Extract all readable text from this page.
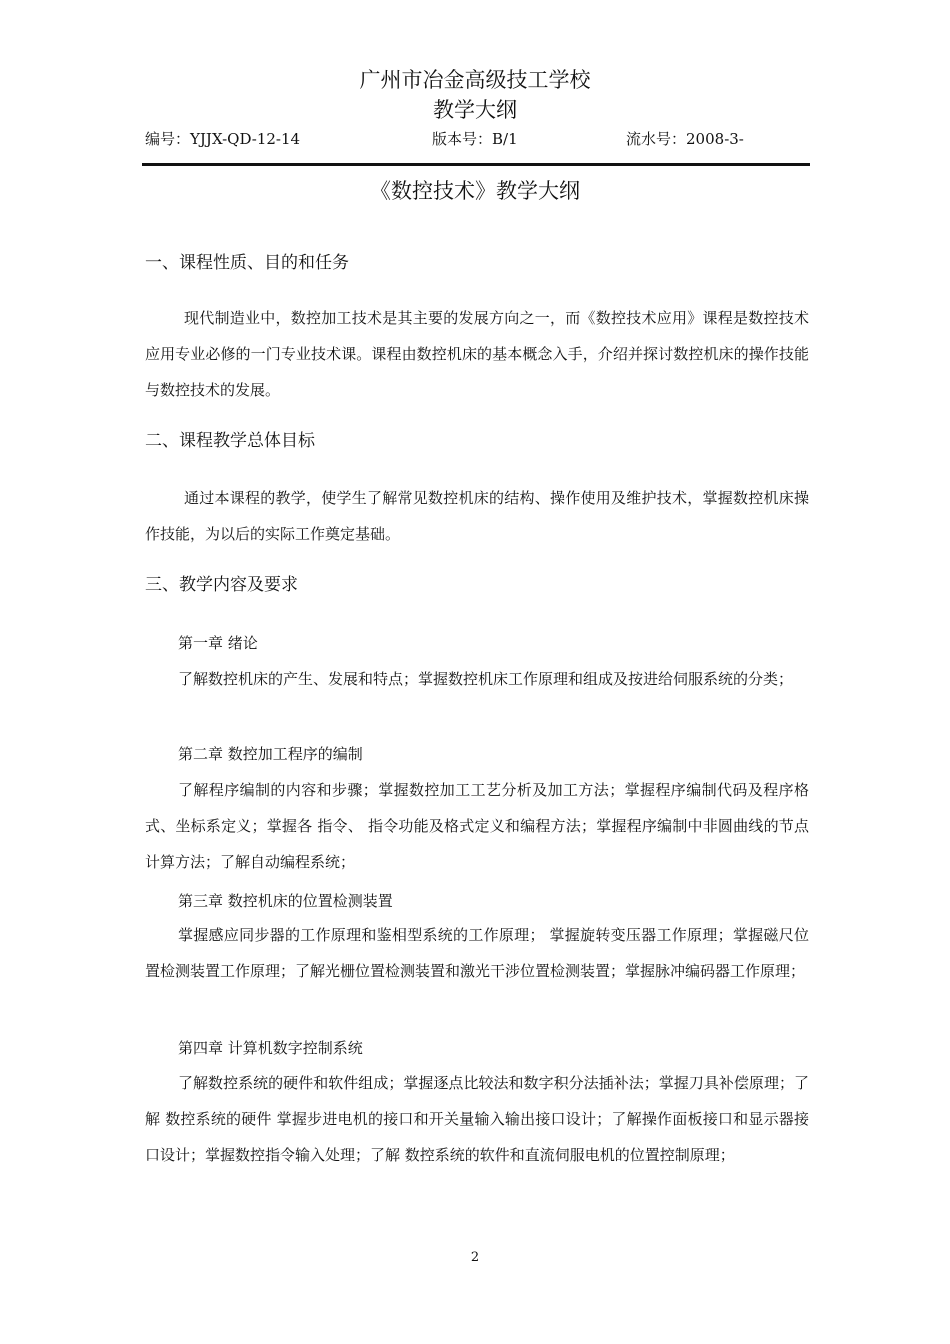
广州市冶金高级技工学校
教学大纲
编号：YJJX-QD-12-14	版本号：B/1	流水号：2008-3-
《数控技术》教学大纲
一、课程性质、目的和任务
现代制造业中，数控加工技术是其主要的发展方向之一，而《数控技术应用》课程是数控技术应用专业必修的一门专业技术课。课程由数控机床的基本概念入手，介绍并探讨数控机床的操作技能与数控技术的发展。
二、课程教学总体目标
通过本课程的教学，使学生了解常见数控机床的结构、操作使用及维护技术，掌握数控机床操作技能，为以后的实际工作奠定基础。
三、教学内容及要求
第一章 绪论
了解数控机床的产生、发展和特点；掌握数控机床工作原理和组成及按进给伺服系统的分类；
第二章 数控加工程序的编制
了解程序编制的内容和步骤；掌握数控加工工艺分析及加工方法；掌握程序编制代码及程序格式、坐标系定义；掌握各 指令、 指令功能及格式定义和编程方法；掌握程序编制中非圆曲线的节点计算方法；了解自动编程系统；
第三章 数控机床的位置检测装置
掌握感应同步器的工作原理和鉴相型系统的工作原理； 掌握旋转变压器工作原理；掌握磁尺位置检测装置工作原理；了解光栅位置检测装置和激光干涉位置检测装置；掌握脉冲编码器工作原理；
第四章 计算机数字控制系统
了解数控系统的硬件和软件组成；掌握逐点比较法和数字积分法插补法；掌握刀具补偿原理；了解 数控系统的硬件 掌握步进电机的接口和开关量输入输出接口设计；了解操作面板接口和显示器接口设计；掌握数控指令输入处理；了解 数控系统的软件和直流伺服电机的位置控制原理；
2
